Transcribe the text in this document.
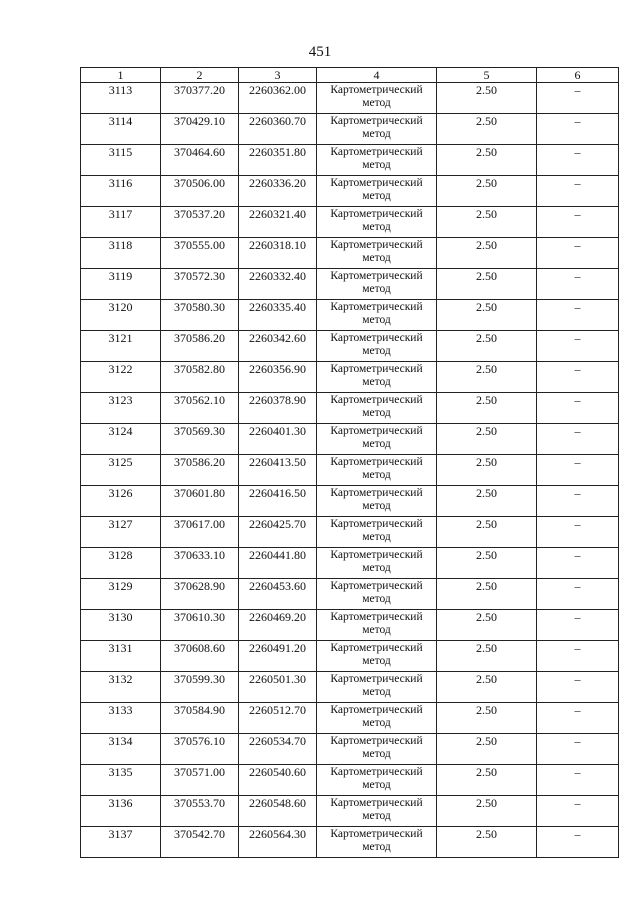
451
1	2	3	4	5	6
3113	370377.20	2260362.00	Картометрический метод	2.50	–
3114	370429.10	2260360.70	Картометрический метод	2.50	–
3115	370464.60	2260351.80	Картометрический метод	2.50	–
3116	370506.00	2260336.20	Картометрический метод	2.50	–
3117	370537.20	2260321.40	Картометрический метод	2.50	–
3118	370555.00	2260318.10	Картометрический метод	2.50	–
3119	370572.30	2260332.40	Картометрический метод	2.50	–
3120	370580.30	2260335.40	Картометрический метод	2.50	–
3121	370586.20	2260342.60	Картометрический метод	2.50	–
3122	370582.80	2260356.90	Картометрический метод	2.50	–
3123	370562.10	2260378.90	Картометрический метод	2.50	–
3124	370569.30	2260401.30	Картометрический метод	2.50	–
3125	370586.20	2260413.50	Картометрический метод	2.50	–
3126	370601.80	2260416.50	Картометрический метод	2.50	–
3127	370617.00	2260425.70	Картометрический метод	2.50	–
3128	370633.10	2260441.80	Картометрический метод	2.50	–
3129	370628.90	2260453.60	Картометрический метод	2.50	–
3130	370610.30	2260469.20	Картометрический метод	2.50	–
3131	370608.60	2260491.20	Картометрический метод	2.50	–
3132	370599.30	2260501.30	Картометрический метод	2.50	–
3133	370584.90	2260512.70	Картометрический метод	2.50	–
3134	370576.10	2260534.70	Картометрический метод	2.50	–
3135	370571.00	2260540.60	Картометрический метод	2.50	–
3136	370553.70	2260548.60	Картометрический метод	2.50	–
3137	370542.70	2260564.30	Картометрический метод	2.50	–
